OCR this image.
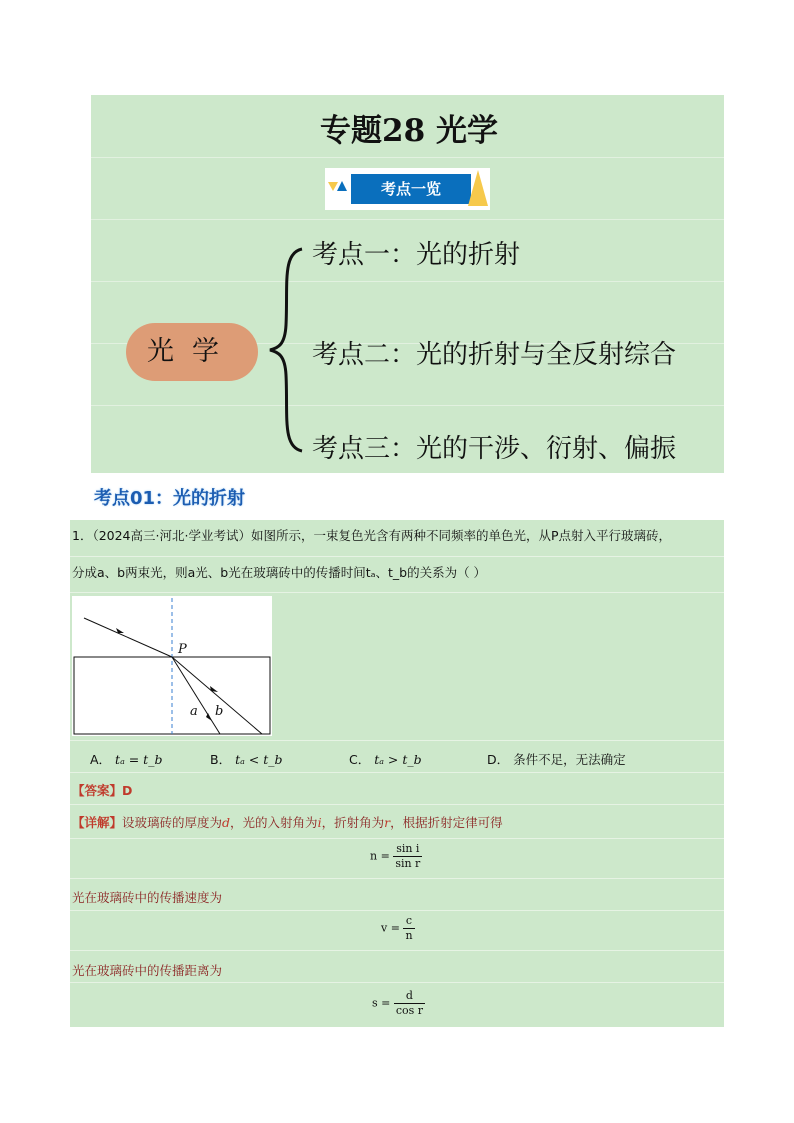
专题28 光学
考点一览
光学
考点一：光的折射
考点二：光的折射与全反射综合
考点三：光的干涉、衍射、偏振
考点01：光的折射
1．（2024高三·河北·学业考试）如图所示，一束复色光含有两种不同频率的单色光，从P点射入平行玻璃砖，
分成a、b两束光，则a光、b光在玻璃砖中的传播时间tₐ、t_b的关系为（ ）
P
a b
A． tₐ = t_b	B． tₐ < t_b	C． tₐ > t_b	D． 条件不足，无法确定
【答案】D
【详解】设玻璃砖的厚度为d，光的入射角为i，折射角为r，根据折射定律可得
$n = \frac{\text{sin i}}{\text{sin r}}$
光在玻璃砖中的传播速度为
$v = \frac{c}{n}$
光在玻璃砖中的传播距离为
$s = \frac{d}{\text{cos r}}$
